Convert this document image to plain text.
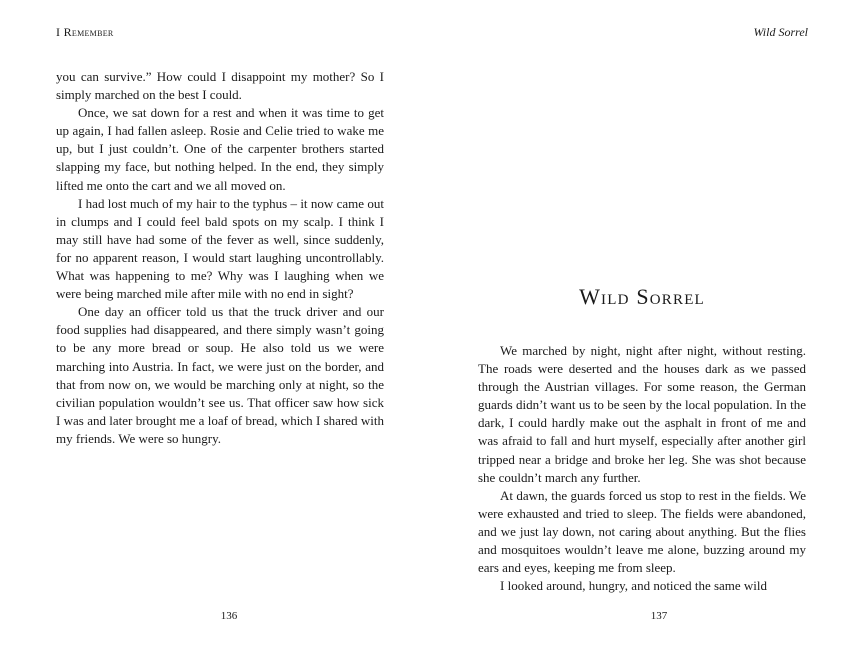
I Remember

you can survive.” How could I disappoint my mother? So I simply marched on the best I could.

Once, we sat down for a rest and when it was time to get up again, I had fallen asleep. Rosie and Celie tried to wake me up, but I just couldn’t. One of the carpenter brothers started slapping my face, but nothing helped. In the end, they simply lifted me onto the cart and we all moved on.

I had lost much of my hair to the typhus – it now came out in clumps and I could feel bald spots on my scalp. I think I may still have had some of the fever as well, since suddenly, for no apparent reason, I would start laughing uncontrollably. What was happening to me? Why was I laughing when we were being marched mile after mile with no end in sight?

One day an officer told us that the truck driver and our food supplies had disappeared, and there simply wasn’t going to be any more bread or soup. He also told us we were marching into Austria. In fact, we were just on the border, and that from now on, we would be marching only at night, so the civilian population wouldn’t see us. That officer saw how sick I was and later brought me a loaf of bread, which I shared with my friends. We were so hungry.

136
Wild Sorrel
Wild Sorrel

We marched by night, night after night, without resting. The roads were deserted and the houses dark as we passed through the Austrian villages. For some reason, the German guards didn’t want us to be seen by the local population. In the dark, I could hardly make out the asphalt in front of me and was afraid to fall and hurt myself, especially after another girl tripped near a bridge and broke her leg. She was shot because she couldn’t march any further.

At dawn, the guards forced us stop to rest in the fields. We were exhausted and tried to sleep. The fields were abandoned, and we just lay down, not caring about anything. But the flies and mosquitoes wouldn’t leave me alone, buzzing around my ears and eyes, keeping me from sleep.

I looked around, hungry, and noticed the same wild

137
